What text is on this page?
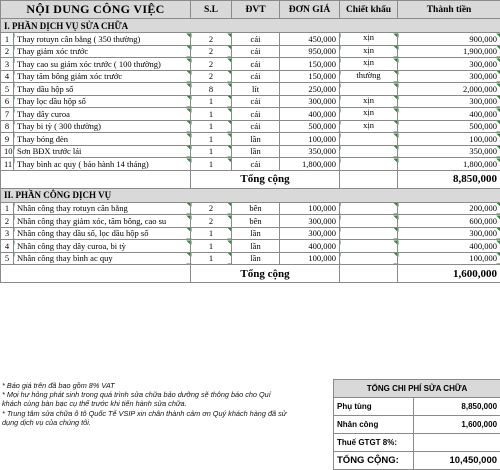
NỘI DUNG CÔNG VIỆC		S.L	ĐVT	ĐƠN GIÁ	Chiết khấu	Thành tiền
I. PHẦN DỊCH VỤ SỬA CHỮA						
1	Thay rotuyn cân bằng ( 350 thường)	2	cái	450,000	xịn	900,000
2	Thay giảm xóc trước	2	cái	950,000	xịn	1,900,000
3	Thay cao su giảm xóc trước ( 100 thường)	2	cái	150,000	xịn	300,000
4	Thay tăm bông giảm xóc trước	2	cái	150,000	thường	300,000
5	Thay dầu hộp số	8	lít	250,000		2,000,000
6	Thay lọc dầu hộp số	1	cái	300,000	xịn	300,000
7	Thay dây curoa	1	cái	400,000	xịn	400,000
8	Thay bi tỳ ( 300 thường)	1	cái	500,000	xịn	500,000
9	Thay bóng đèn	1	lần	100,000		100,000
10	Sơn BĐX trước lái	1	lần	350,000		350,000
11	Thay bình ac quy ( bảo hành 14 tháng)	1	cái	1,800,000		1,800,000
		Tổng cộng				8,850,000
II. PHẦN CÔNG DỊCH VỤ						
1	Nhân công thay rotuyn cân bằng	2	bên	100,000		200,000
2	Nhân công thay giảm xóc, tăm bông, cao su	2	bên	300,000		600,000
3	Nhân công thay dầu số, lọc dầu hộp số	1	lần	300,000		300,000
4	Nhân công thay dây curoa, bi tỳ	1	lần	400,000		400,000
5	Nhân công thay bình ac quy	1	lần	100,000		100,000
		Tổng cộng				1,600,000

* Báo giá trên đã bao gồm 8% VAT

* Mọi hư hỏng phát sinh trong quá trình sửa chữa bảo dưỡng sẽ thông báo cho Quí khách cùng bàn bạc cụ thể trước khi tiến hành sửa chữa.

* Trung tâm sửa chữa ô tô Quốc Tế VSIP xin chân thành cảm ơn Quý khách hàng đã sử dụng dịch vụ của chúng tôi.

TỔNG CHI PHÍ SỬA CHỮA	
Phụ tùng	8,850,000
Nhân công	1,600,000
Thuế GTGT 8%:	
TỔNG CỘNG:	10,450,000
